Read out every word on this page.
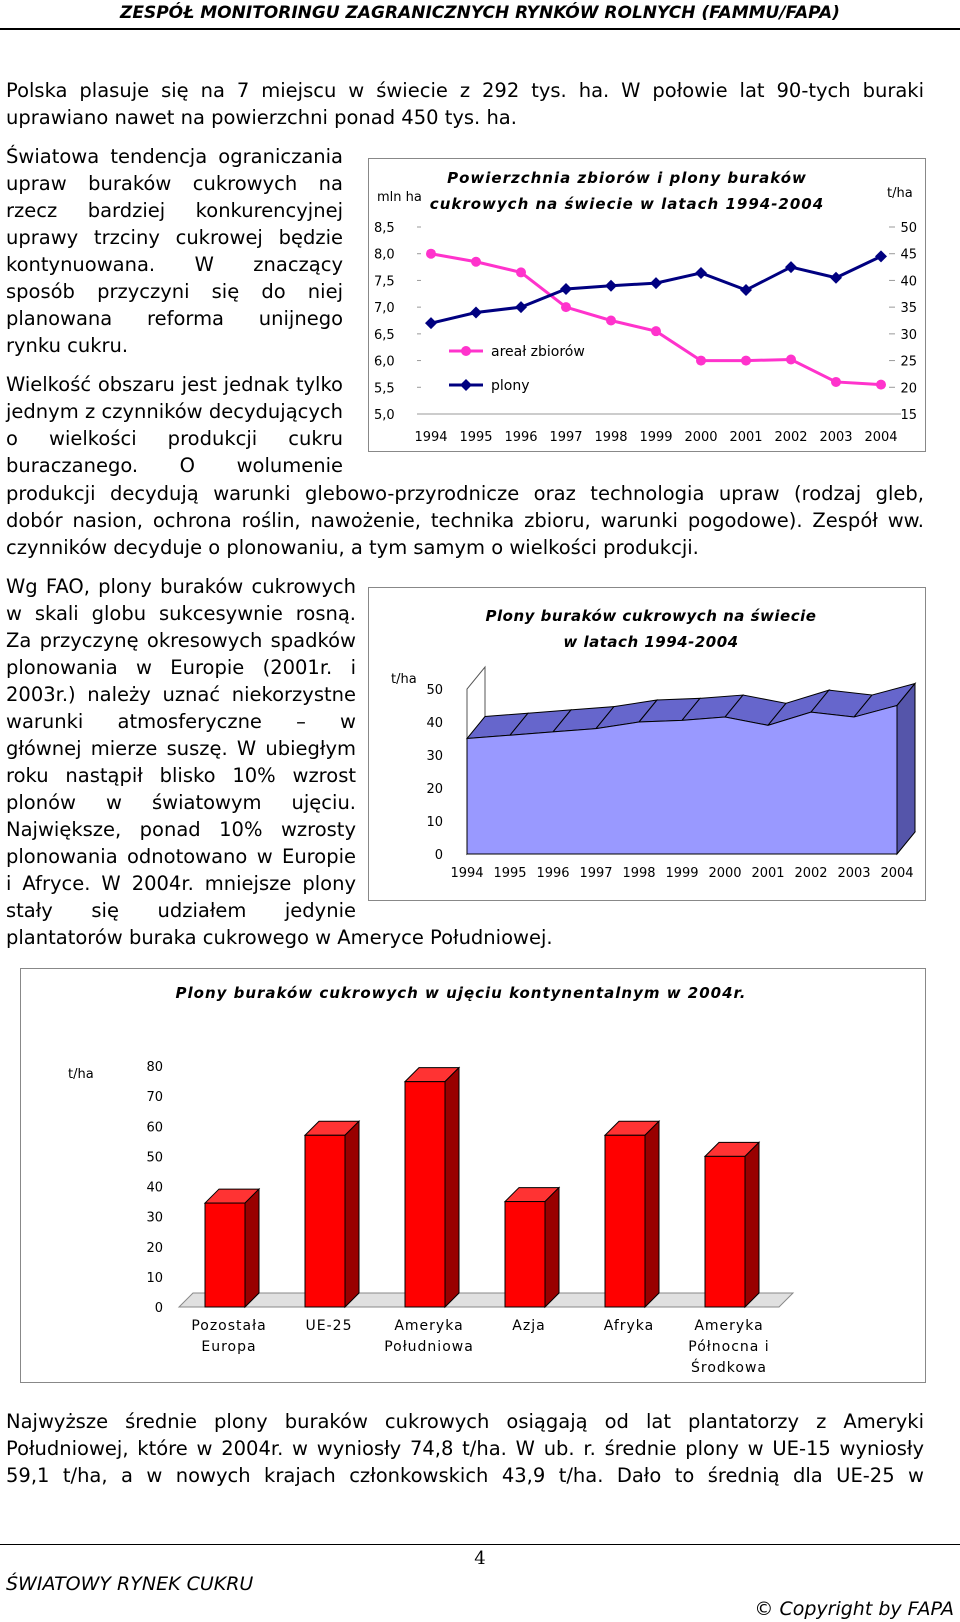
ZESPÓŁ MONITORINGU ZAGRANICZNYCH RYNKÓW ROLNYCH (FAMMU/FAPA)
Polska plasuje się na 7 miejscu w świecie z 292 tys. ha. W połowie lat 90-tych buraki
uprawiano nawet na powierzchni ponad 450 tys. ha.
Światowa tendencja ograniczania
upraw buraków cukrowych na
rzecz bardziej konkurencyjnej
uprawy trzciny cukrowej będzie
kontynuowana. W znaczący
sposób przyczyni się do niej
planowana reforma unijnego
rynku cukru.
Wielkość obszaru jest jednak tylko
jednym z czynników decydujących
o wielkości produkcji cukru
buraczanego. O wolumenie
produkcji decydują warunki glebowo-przyrodnicze oraz technologia upraw (rodzaj gleb,
dobór nasion, ochrona roślin, nawożenie, technika zbioru, warunki pogodowe). Zespół ww.
czynników decyduje o plonowaniu, a tym samym o wielkości produkcji.
Wg FAO, plony buraków cukrowych
w skali globu sukcesywnie rosną.
Za przyczynę okresowych spadków
plonowania w Europie (2001r. i
2003r.) należy uznać niekorzystne
warunki atmosferyczne – w
głównej mierze suszę. W ubiegłym
roku nastąpił blisko 10% wzrost
plonów w światowym ujęciu.
Największe, ponad 10% wzrosty
plonowania odnotowano w Europie
i Afryce. W 2004r. mniejsze plony
stały się udziałem jedynie
plantatorów buraka cukrowego w Ameryce Południowej.
Najwyższe średnie plony buraków cukrowych osiągają od lat plantatorzy z Ameryki
Południowej, które w 2004r. w wyniosły 74,8 t/ha. W ub. r. średnie plony w UE-15 wyniosły
59,1 t/ha, a w nowych krajach członkowskich 43,9 t/ha. Dało to średnią dla UE-25 w
Powierzchnia zbiorów i plony buraków
cukrowych na świecie w latach 1994-2004
mln ha	t/ha
areał zbiorów
plony
8,5
8,0
7,5
7,0
6,5
6,0
5,5
5,0
50
45
40
35
30
25
20
15
1994 1995 1996 1997 1998 1999 2000 2001 2002 2003 2004
Plony buraków cukrowych na świecie
w latach 1994-2004
t/ha
50
40
30
20
10
0
1994 1995 1996 1997 1998 1999 2000 2001 2002 2003 2004
Plony buraków cukrowych w ujęciu kontynentalnym w 2004r.
t/ha	80
70
60
50
40
30
20
10
0
Pozostała
Europa
UE-25	Ameryka
Południowa
Azja	Afryka	Ameryka
Północna i
Środkowa
4
ŚWIATOWY RYNEK CUKRU
© Copyright by FAPA
